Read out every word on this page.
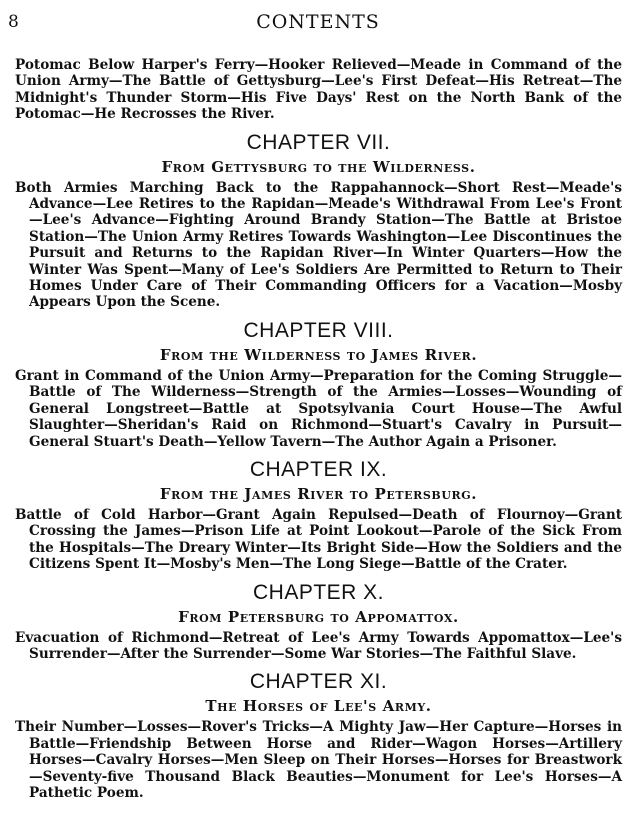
8	CONTENTS

Potomac Below Harper's Ferry—Hooker Relieved—Meade in Command of the Union Army—The Battle of Gettysburg—Lee's First Defeat—His Retreat—The Midnight's Thunder Storm—His Five Days' Rest on the North Bank of the Potomac—He Recrosses the River.

CHAPTER VII.
From Gettysburg to the Wilderness.

Both Armies Marching Back to the Rappahannock—Short Rest—Meade's Advance—Lee Retires to the Rapidan—Meade's Withdrawal From Lee's Front—Lee's Advance—Fighting Around Brandy Station—The Battle at Bristoe Station—The Union Army Retires Towards Washington—Lee Discontinues the Pursuit and Returns to the Rapidan River—In Winter Quarters—How the Winter Was Spent—Many of Lee's Soldiers Are Permitted to Return to Their Homes Under Care of Their Commanding Officers for a Vacation—Mosby Appears Upon the Scene.

CHAPTER VIII.
From the Wilderness to James River.

Grant in Command of the Union Army—Preparation for the Coming Struggle—Battle of The Wilderness—Strength of the Armies—Losses—Wounding of General Longstreet—Battle at Spotsylvania Court House—The Awful Slaughter—Sheridan's Raid on Richmond—Stuart's Cavalry in Pursuit—General Stuart's Death—Yellow Tavern—The Author Again a Prisoner.

CHAPTER IX.
From the James River to Petersburg.

Battle of Cold Harbor—Grant Again Repulsed—Death of Flournoy—Grant Crossing the James—Prison Life at Point Lookout—Parole of the Sick From the Hospitals—The Dreary Winter—Its Bright Side—How the Soldiers and the Citizens Spent It—Mosby's Men—The Long Siege—Battle of the Crater.

CHAPTER X.
From Petersburg to Appomattox.

Evacuation of Richmond—Retreat of Lee's Army Towards Appomattox—Lee's Surrender—After the Surrender—Some War Stories—The Faithful Slave.

CHAPTER XI.
The Horses of Lee's Army.

Their Number—Losses—Rover's Tricks—A Mighty Jaw—Her Capture—Horses in Battle—Friendship Between Horse and Rider—Wagon Horses—Artillery Horses—Cavalry Horses—Men Sleep on Their Horses—Horses for Breastwork—Seventy-five Thousand Black Beauties—Monument for Lee's Horses—A Pathetic Poem.
